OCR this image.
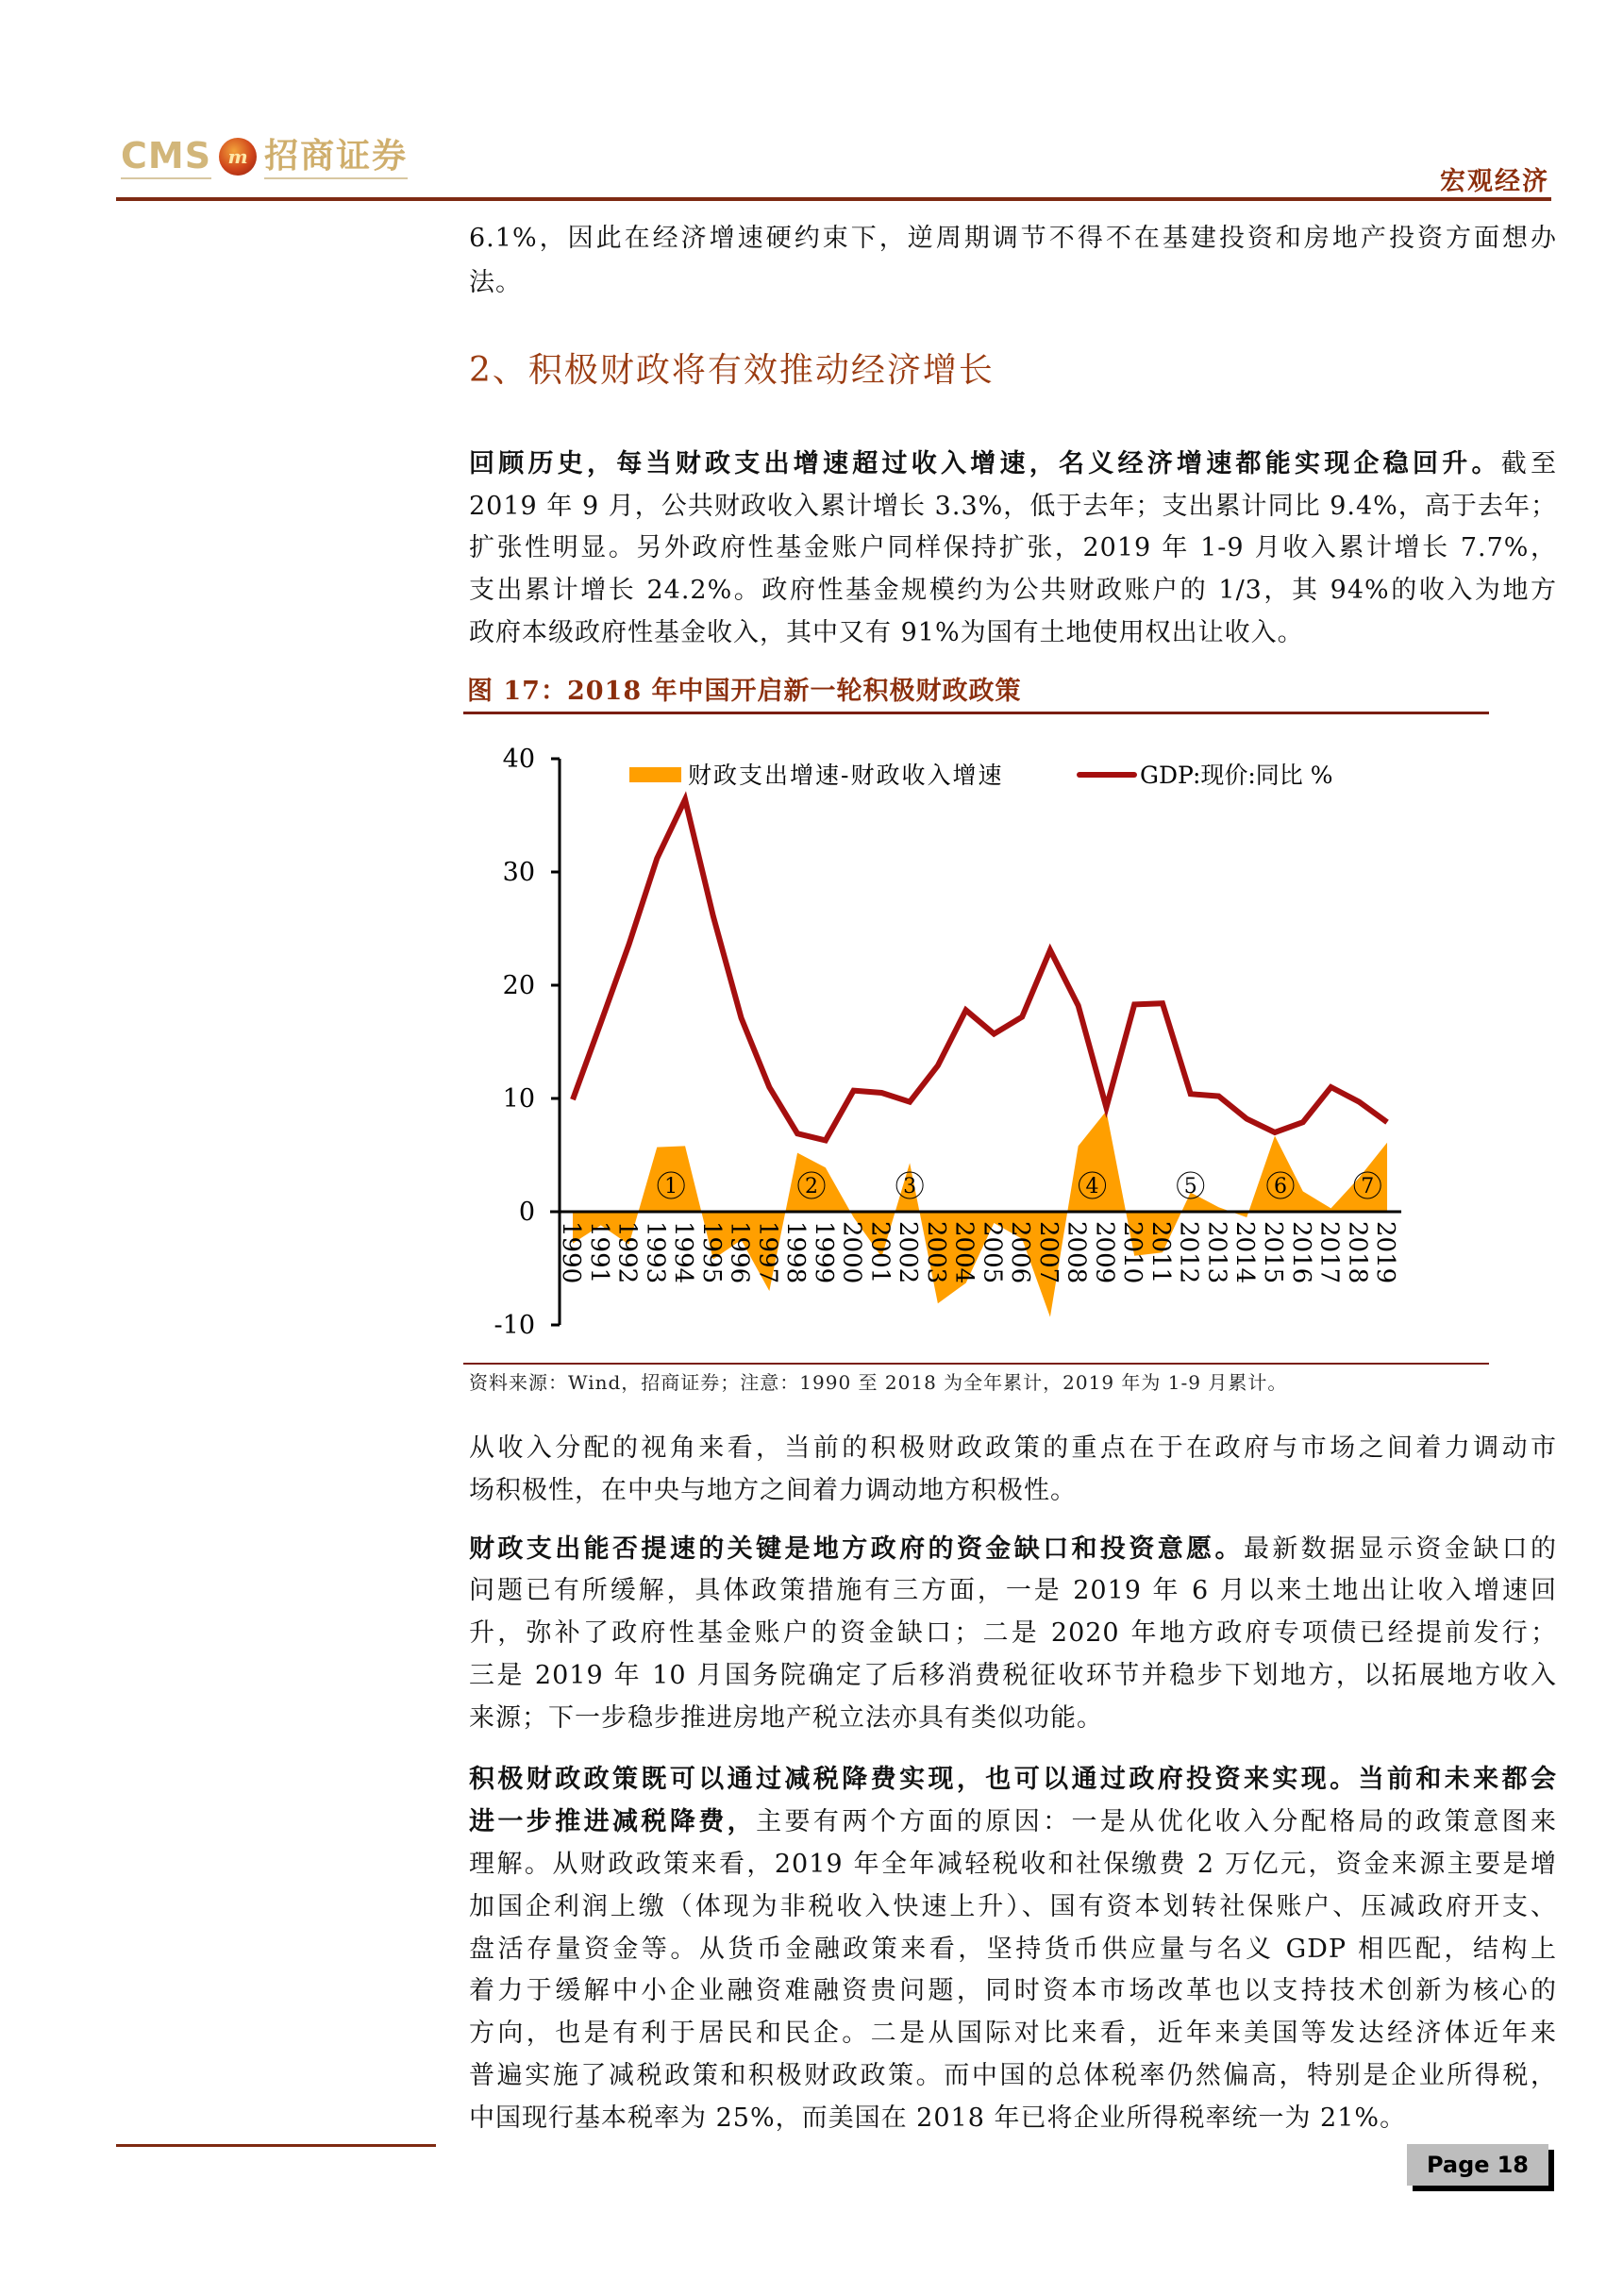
CMS m 招商证券
宏观经济
6.1%，因此在经济增速硬约束下，逆周期调节不得不在基建投资和房地产投资方面想办
法。
2、积极财政将有效推动经济增长
回顾历史，每当财政支出增速超过收入增速，名义经济增速都能实现企稳回升。截至
2019 年 9 月，公共财政收入累计增长 3.3%，低于去年；支出累计同比 9.4%，高于去年；
扩张性明显。另外政府性基金账户同样保持扩张，2019 年 1-9 月收入累计增长 7.7%，
支出累计增长 24.2%。政府性基金规模约为公共财政账户的 1/3，其 94%的收入为地方
政府本级政府性基金收入，其中又有 91%为国有土地使用权出让收入。
图 17：2018 年中国开启新一轮积极财政政策
40
30
20
10
0
-10
1	2	3	4	5	6	7
1990 1991 1992 1993 1994 1995 1996 1997 1998 1999 2000 2001 2002 2003 2004 2005 2006 2007 2008 2009 2010 2011 2012 2013 2014 2015 2016 2017 2018 2019
财政支出增速-财政收入增速	GDP:现价:同比 %
资料来源：Wind，招商证券；注意：1990 至 2018 为全年累计，2019 年为 1-9 月累计。
从收入分配的视角来看，当前的积极财政政策的重点在于在政府与市场之间着力调动市
场积极性，在中央与地方之间着力调动地方积极性。
财政支出能否提速的关键是地方政府的资金缺口和投资意愿。最新数据显示资金缺口的
问题已有所缓解，具体政策措施有三方面，一是 2019 年 6 月以来土地出让收入增速回
升，弥补了政府性基金账户的资金缺口；二是 2020 年地方政府专项债已经提前发行；
三是 2019 年 10 月国务院确定了后移消费税征收环节并稳步下划地方，以拓展地方收入
来源；下一步稳步推进房地产税立法亦具有类似功能。
积极财政政策既可以通过减税降费实现，也可以通过政府投资来实现。当前和未来都会
进一步推进减税降费，主要有两个方面的原因：一是从优化收入分配格局的政策意图来
理解。从财政政策来看，2019 年全年减轻税收和社保缴费 2 万亿元，资金来源主要是增
加国企利润上缴（体现为非税收入快速上升）、国有资本划转社保账户、压减政府开支、
盘活存量资金等。从货币金融政策来看，坚持货币供应量与名义 GDP 相匹配，结构上
着力于缓解中小企业融资难融资贵问题，同时资本市场改革也以支持技术创新为核心的
方向，也是有利于居民和民企。二是从国际对比来看，近年来美国等发达经济体近年来
普遍实施了减税政策和积极财政政策。而中国的总体税率仍然偏高，特别是企业所得税，
中国现行基本税率为 25%，而美国在 2018 年已将企业所得税率统一为 21%。
Page 18
